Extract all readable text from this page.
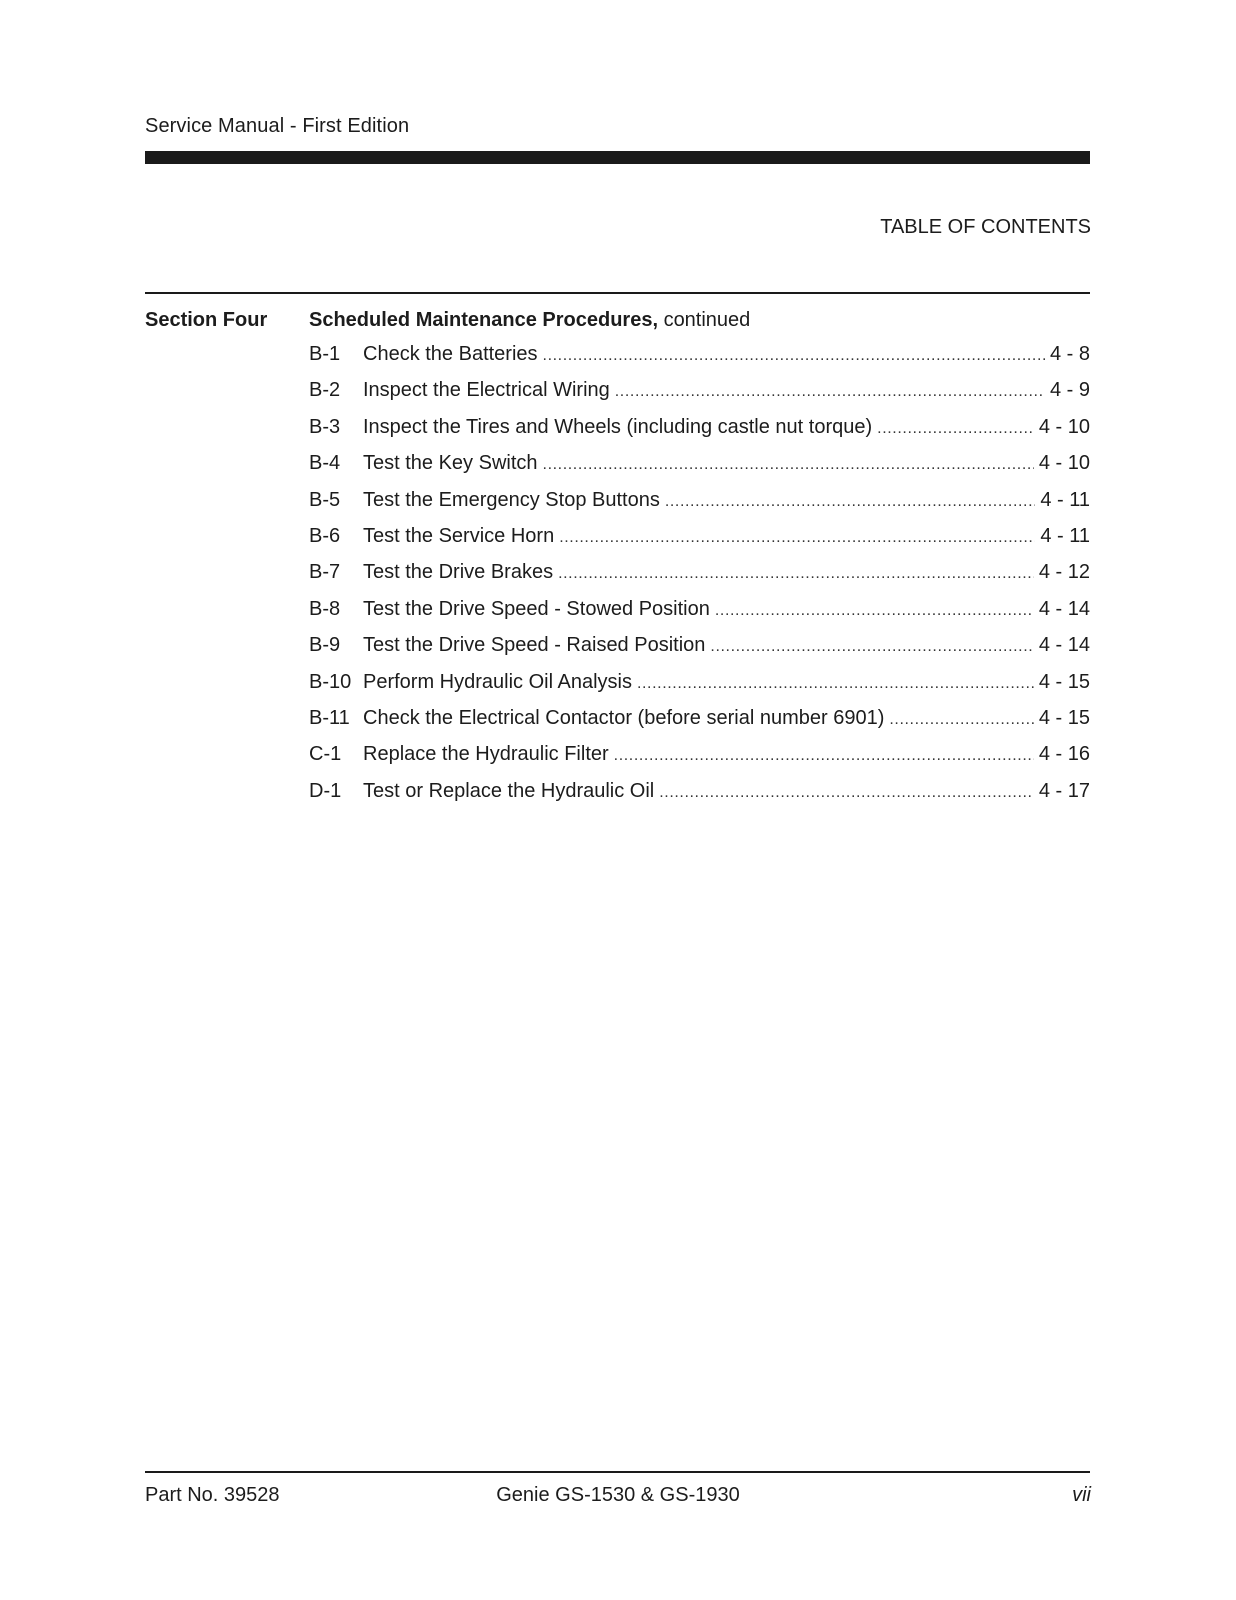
Service Manual - First Edition
TABLE OF CONTENTS
Section Four Scheduled Maintenance Procedures, continued
B-1	Check the Batteries .....	4 - 8
B-2	Inspect the Electrical Wiring .....	4 - 9
B-3	Inspect the Tires and Wheels (including castle nut torque) .....	4 - 10
B-4	Test the Key Switch .....	4 - 10
B-5	Test the Emergency Stop Buttons .....	4 - 11
B-6	Test the Service Horn .....	4 - 11
B-7	Test the Drive Brakes .....	4 - 12
B-8	Test the Drive Speed - Stowed Position .....	4 - 14
B-9	Test the Drive Speed - Raised Position .....	4 - 14
B-10 Perform Hydraulic Oil Analysis .....	4 - 15
B-11 Check the Electrical Contactor (before serial number 6901) .....	4 - 15
C-1	Replace the Hydraulic Filter .....	4 - 16
D-1	Test or Replace the Hydraulic Oil .....	4 - 17
Part No. 39528	Genie GS-1530 & GS-1930	vii
